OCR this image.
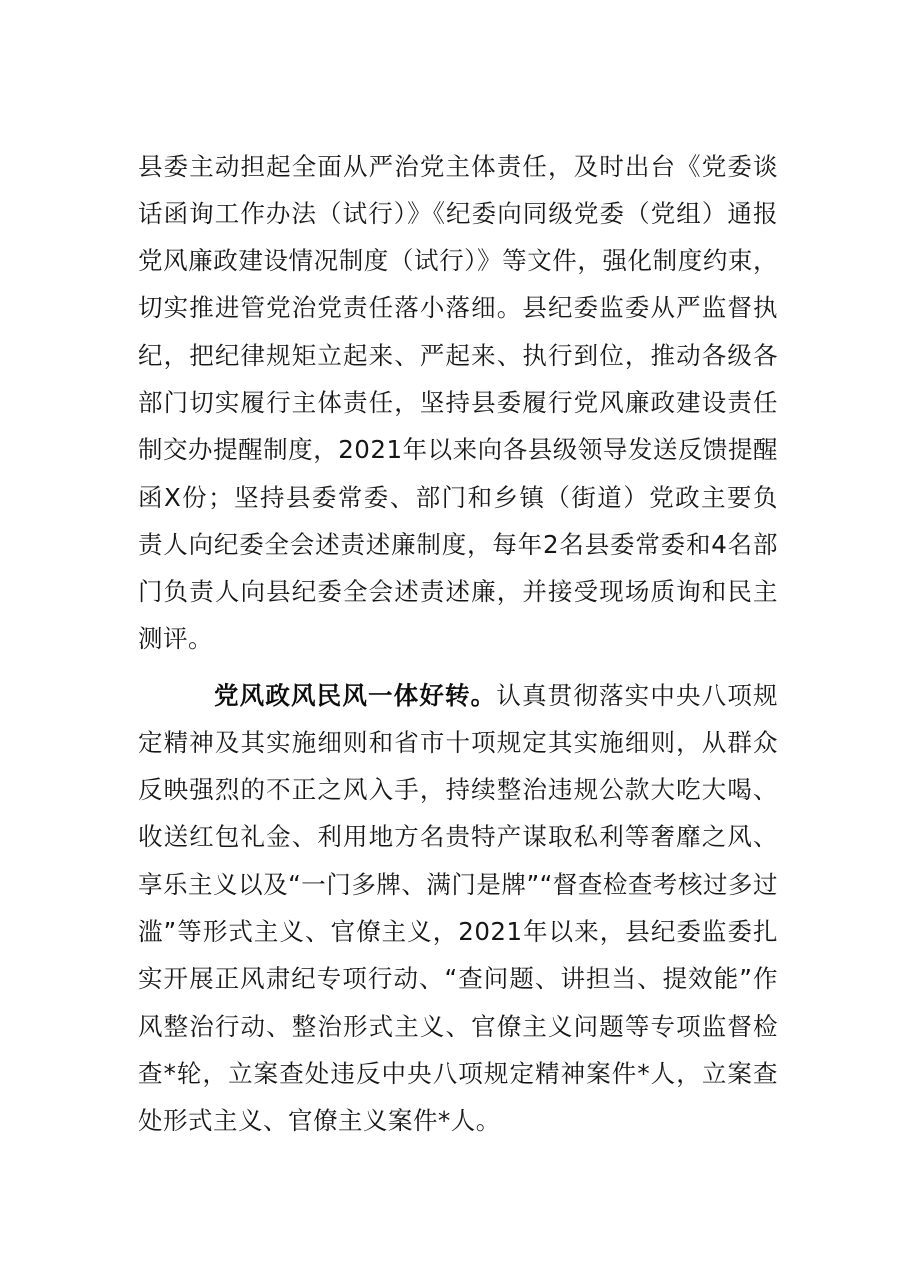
县委主动担起全面从严治党主体责任，及时出台《党委谈话函询工作办法（试行）》《纪委向同级党委（党组）通报党风廉政建设情况制度（试行）》等文件，强化制度约束，切实推进管党治党责任落小落细。县纪委监委从严监督执纪，把纪律规矩立起来、严起来、执行到位，推动各级各部门切实履行主体责任，坚持县委履行党风廉政建设责任制交办提醒制度，2021年以来向各县级领导发送反馈提醒函X份；坚持县委常委、部门和乡镇（街道）党政主要负责人向纪委全会述责述廉制度，每年2名县委常委和4名部门负责人向县纪委全会述责述廉，并接受现场质询和民主测评。

党风政风民风一体好转。认真贯彻落实中央八项规定精神及其实施细则和省市十项规定其实施细则，从群众反映强烈的不正之风入手，持续整治违规公款大吃大喝、收送红包礼金、利用地方名贵特产谋取私利等奢靡之风、享乐主义以及“一门多牌、满门是牌”“督查检查考核过多过滥”等形式主义、官僚主义，2021年以来，县纪委监委扎实开展正风肃纪专项行动、“查问题、讲担当、提效能”作风整治行动、整治形式主义、官僚主义问题等专项监督检查*轮，立案查处违反中央八项规定精神案件*人，立案查处形式主义、官僚主义案件*人。
